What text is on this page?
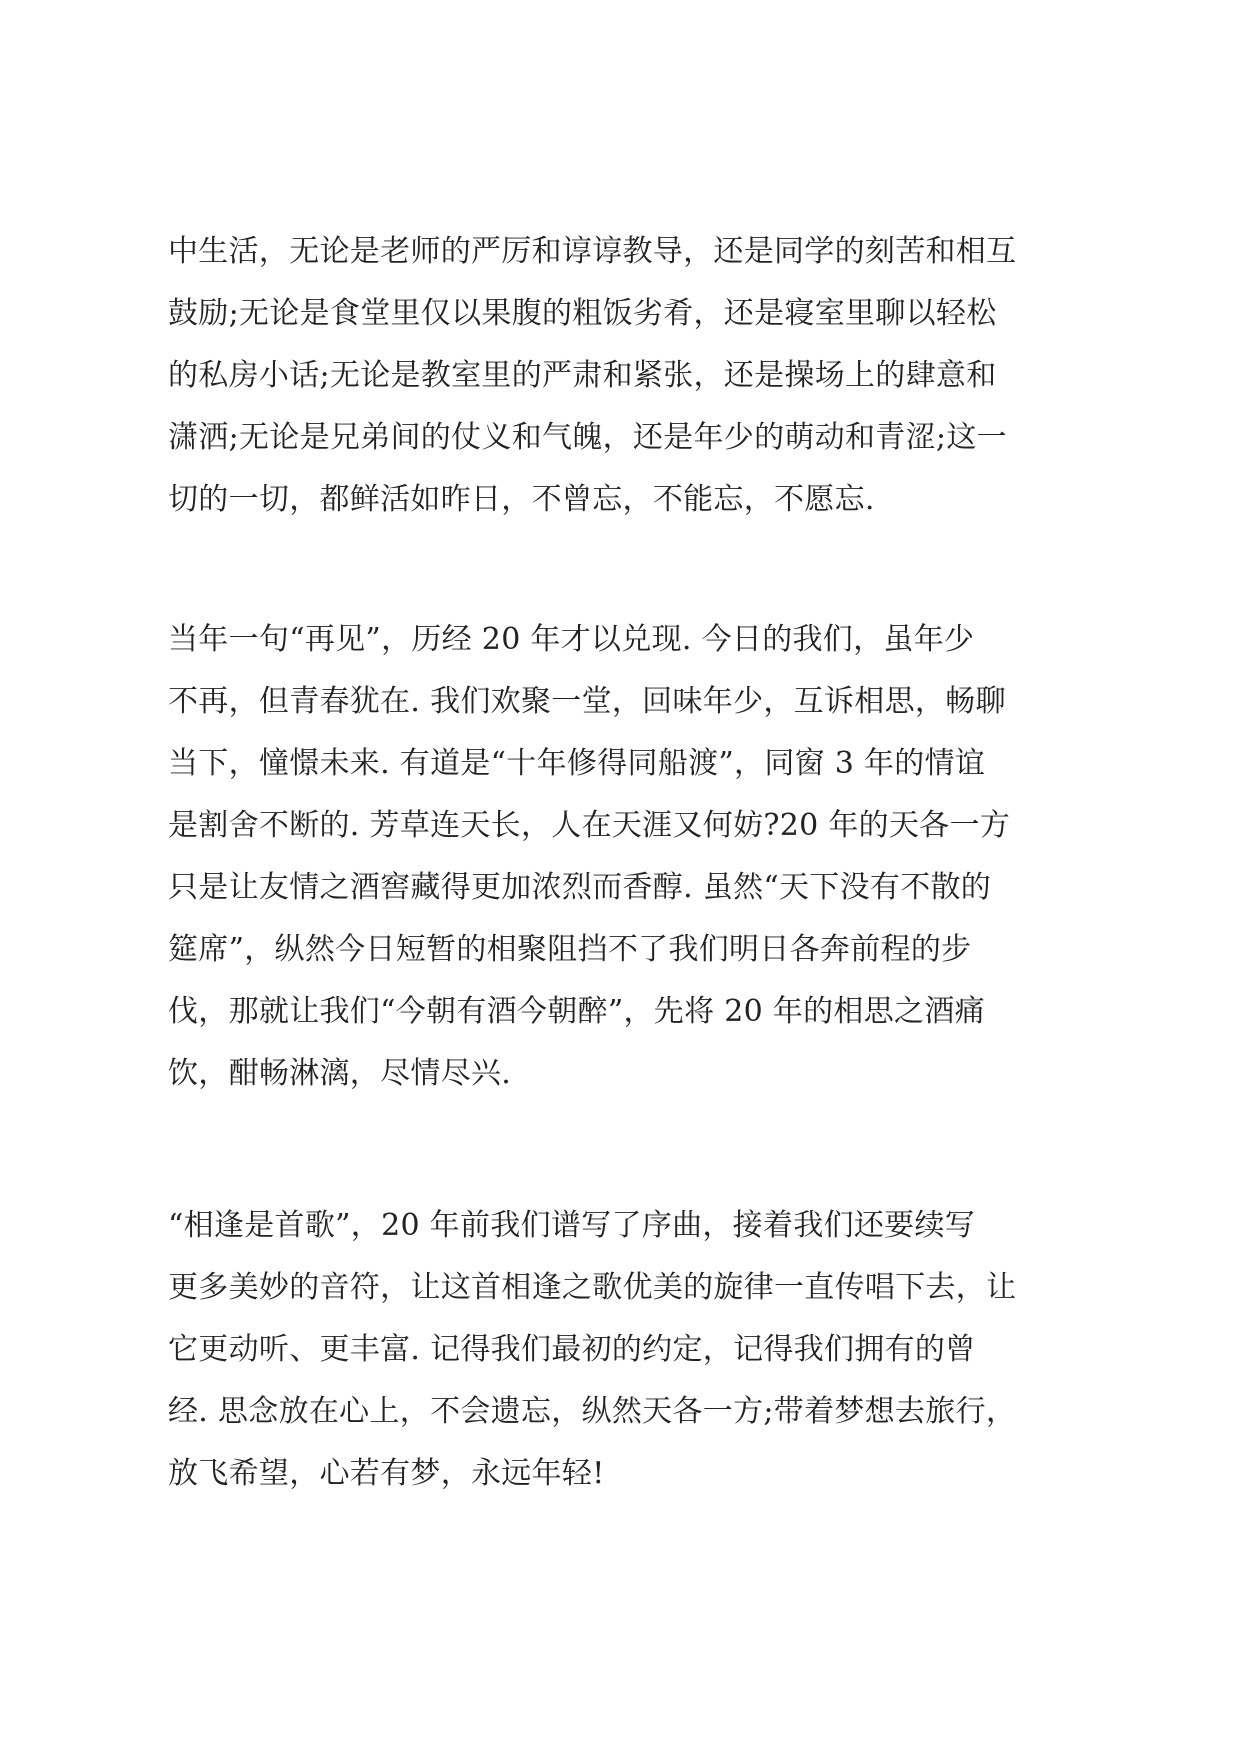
中生活，无论是老师的严厉和谆谆教导，还是同学的刻苦和相互
鼓励;无论是食堂里仅以果腹的粗饭劣肴，还是寝室里聊以轻松
的私房小话;无论是教室里的严肃和紧张，还是操场上的肆意和
潇洒;无论是兄弟间的仗义和气魄，还是年少的萌动和青涩;这一
切的一切，都鲜活如昨日，不曾忘，不能忘，不愿忘.
当年一句“再见”，历经 20 年才以兑现. 今日的我们，虽年少
不再，但青春犹在. 我们欢聚一堂，回味年少，互诉相思，畅聊
当下，憧憬未来. 有道是“十年修得同船渡”，同窗 3 年的情谊
是割舍不断的. 芳草连天长，人在天涯又何妨?20 年的天各一方
只是让友情之酒窖藏得更加浓烈而香醇. 虽然“天下没有不散的
筵席”，纵然今日短暂的相聚阻挡不了我们明日各奔前程的步
伐，那就让我们“今朝有酒今朝醉”，先将 20 年的相思之酒痛
饮，酣畅淋漓，尽情尽兴.
“相逢是首歌”，20 年前我们谱写了序曲，接着我们还要续写
更多美妙的音符，让这首相逢之歌优美的旋律一直传唱下去，让
它更动听、更丰富. 记得我们最初的约定，记得我们拥有的曾
经. 思念放在心上，不会遗忘，纵然天各一方;带着梦想去旅行，
放飞希望，心若有梦，永远年轻!
